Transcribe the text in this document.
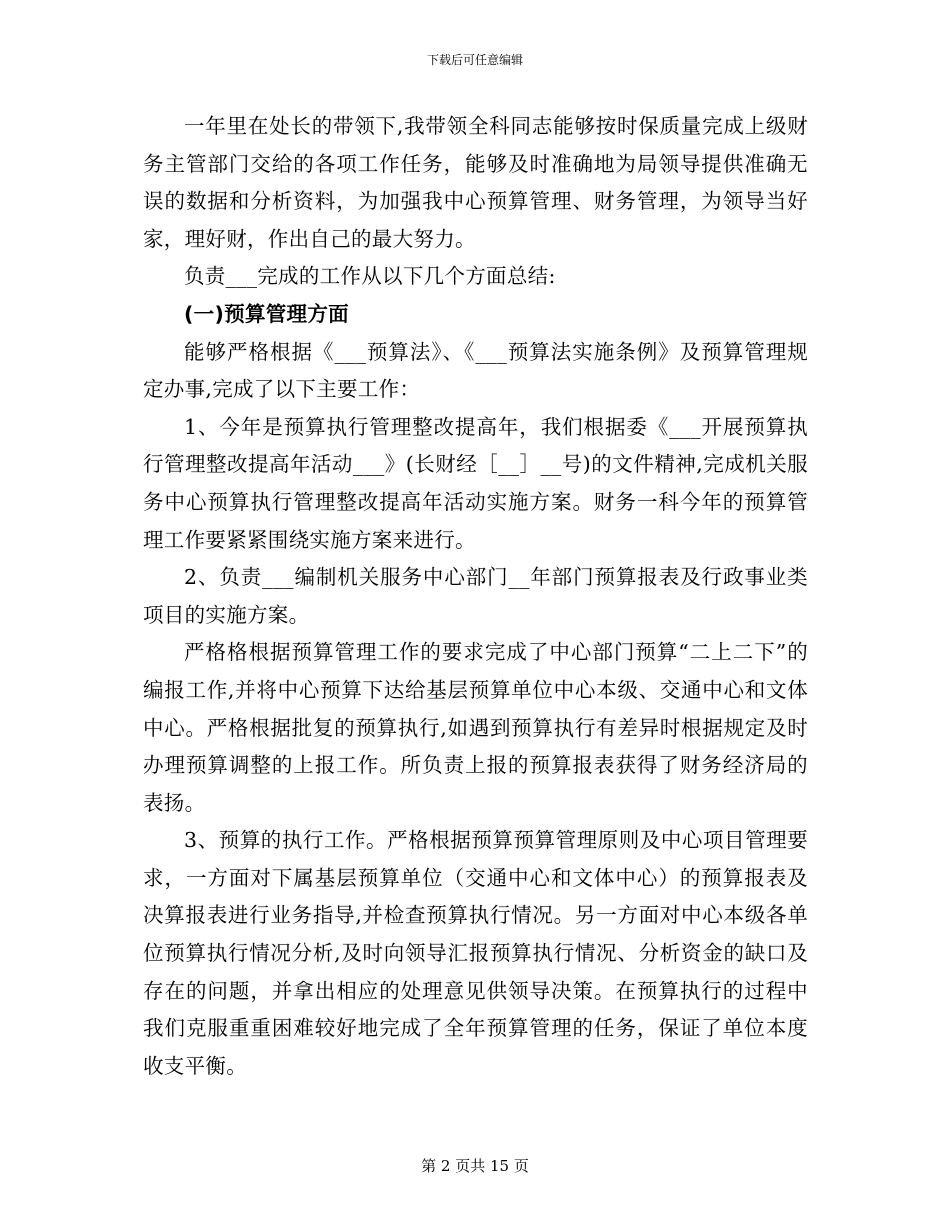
下载后可任意编辑

一年里在处长的带领下,我带领全科同志能够按时保质量完成上级财务主管部门交给的各项工作任务，能够及时准确地为局领导提供准确无误的数据和分析资料，为加强我中心预算管理、财务管理，为领导当好家，理好财，作出自己的最大努力。

负责___完成的工作从以下几个方面总结:

(一)预算管理方面

能够严格根据《___预算法》、《___预算法实施条例》及预算管理规定办事,完成了以下主要工作：

1、今年是预算执行管理整改提高年，我们根据委《___开展预算执行管理整改提高年活动___》(长财经［__］__号)的文件精神,完成机关服务中心预算执行管理整改提高年活动实施方案。财务一科今年的预算管理工作要紧紧围绕实施方案来进行。

2、负责___编制机关服务中心部门__年部门预算报表及行政事业类项目的实施方案。

严格格根据预算管理工作的要求完成了中心部门预算“二上二下”的编报工作,并将中心预算下达给基层预算单位中心本级、交通中心和文体中心。严格根据批复的预算执行,如遇到预算执行有差异时根据规定及时办理预算调整的上报工作。所负责上报的预算报表获得了财务经济局的表扬。

3、预算的执行工作。严格根据预算预算管理原则及中心项目管理要求，一方面对下属基层预算单位（交通中心和文体中心）的预算报表及决算报表进行业务指导,并检查预算执行情况。另一方面对中心本级各单位预算执行情况分析,及时向领导汇报预算执行情况、分析资金的缺口及存在的问题，并拿出相应的处理意见供领导决策。在预算执行的过程中我们克服重重困难较好地完成了全年预算管理的任务，保证了单位本度收支平衡。

第 2 页共 15 页
